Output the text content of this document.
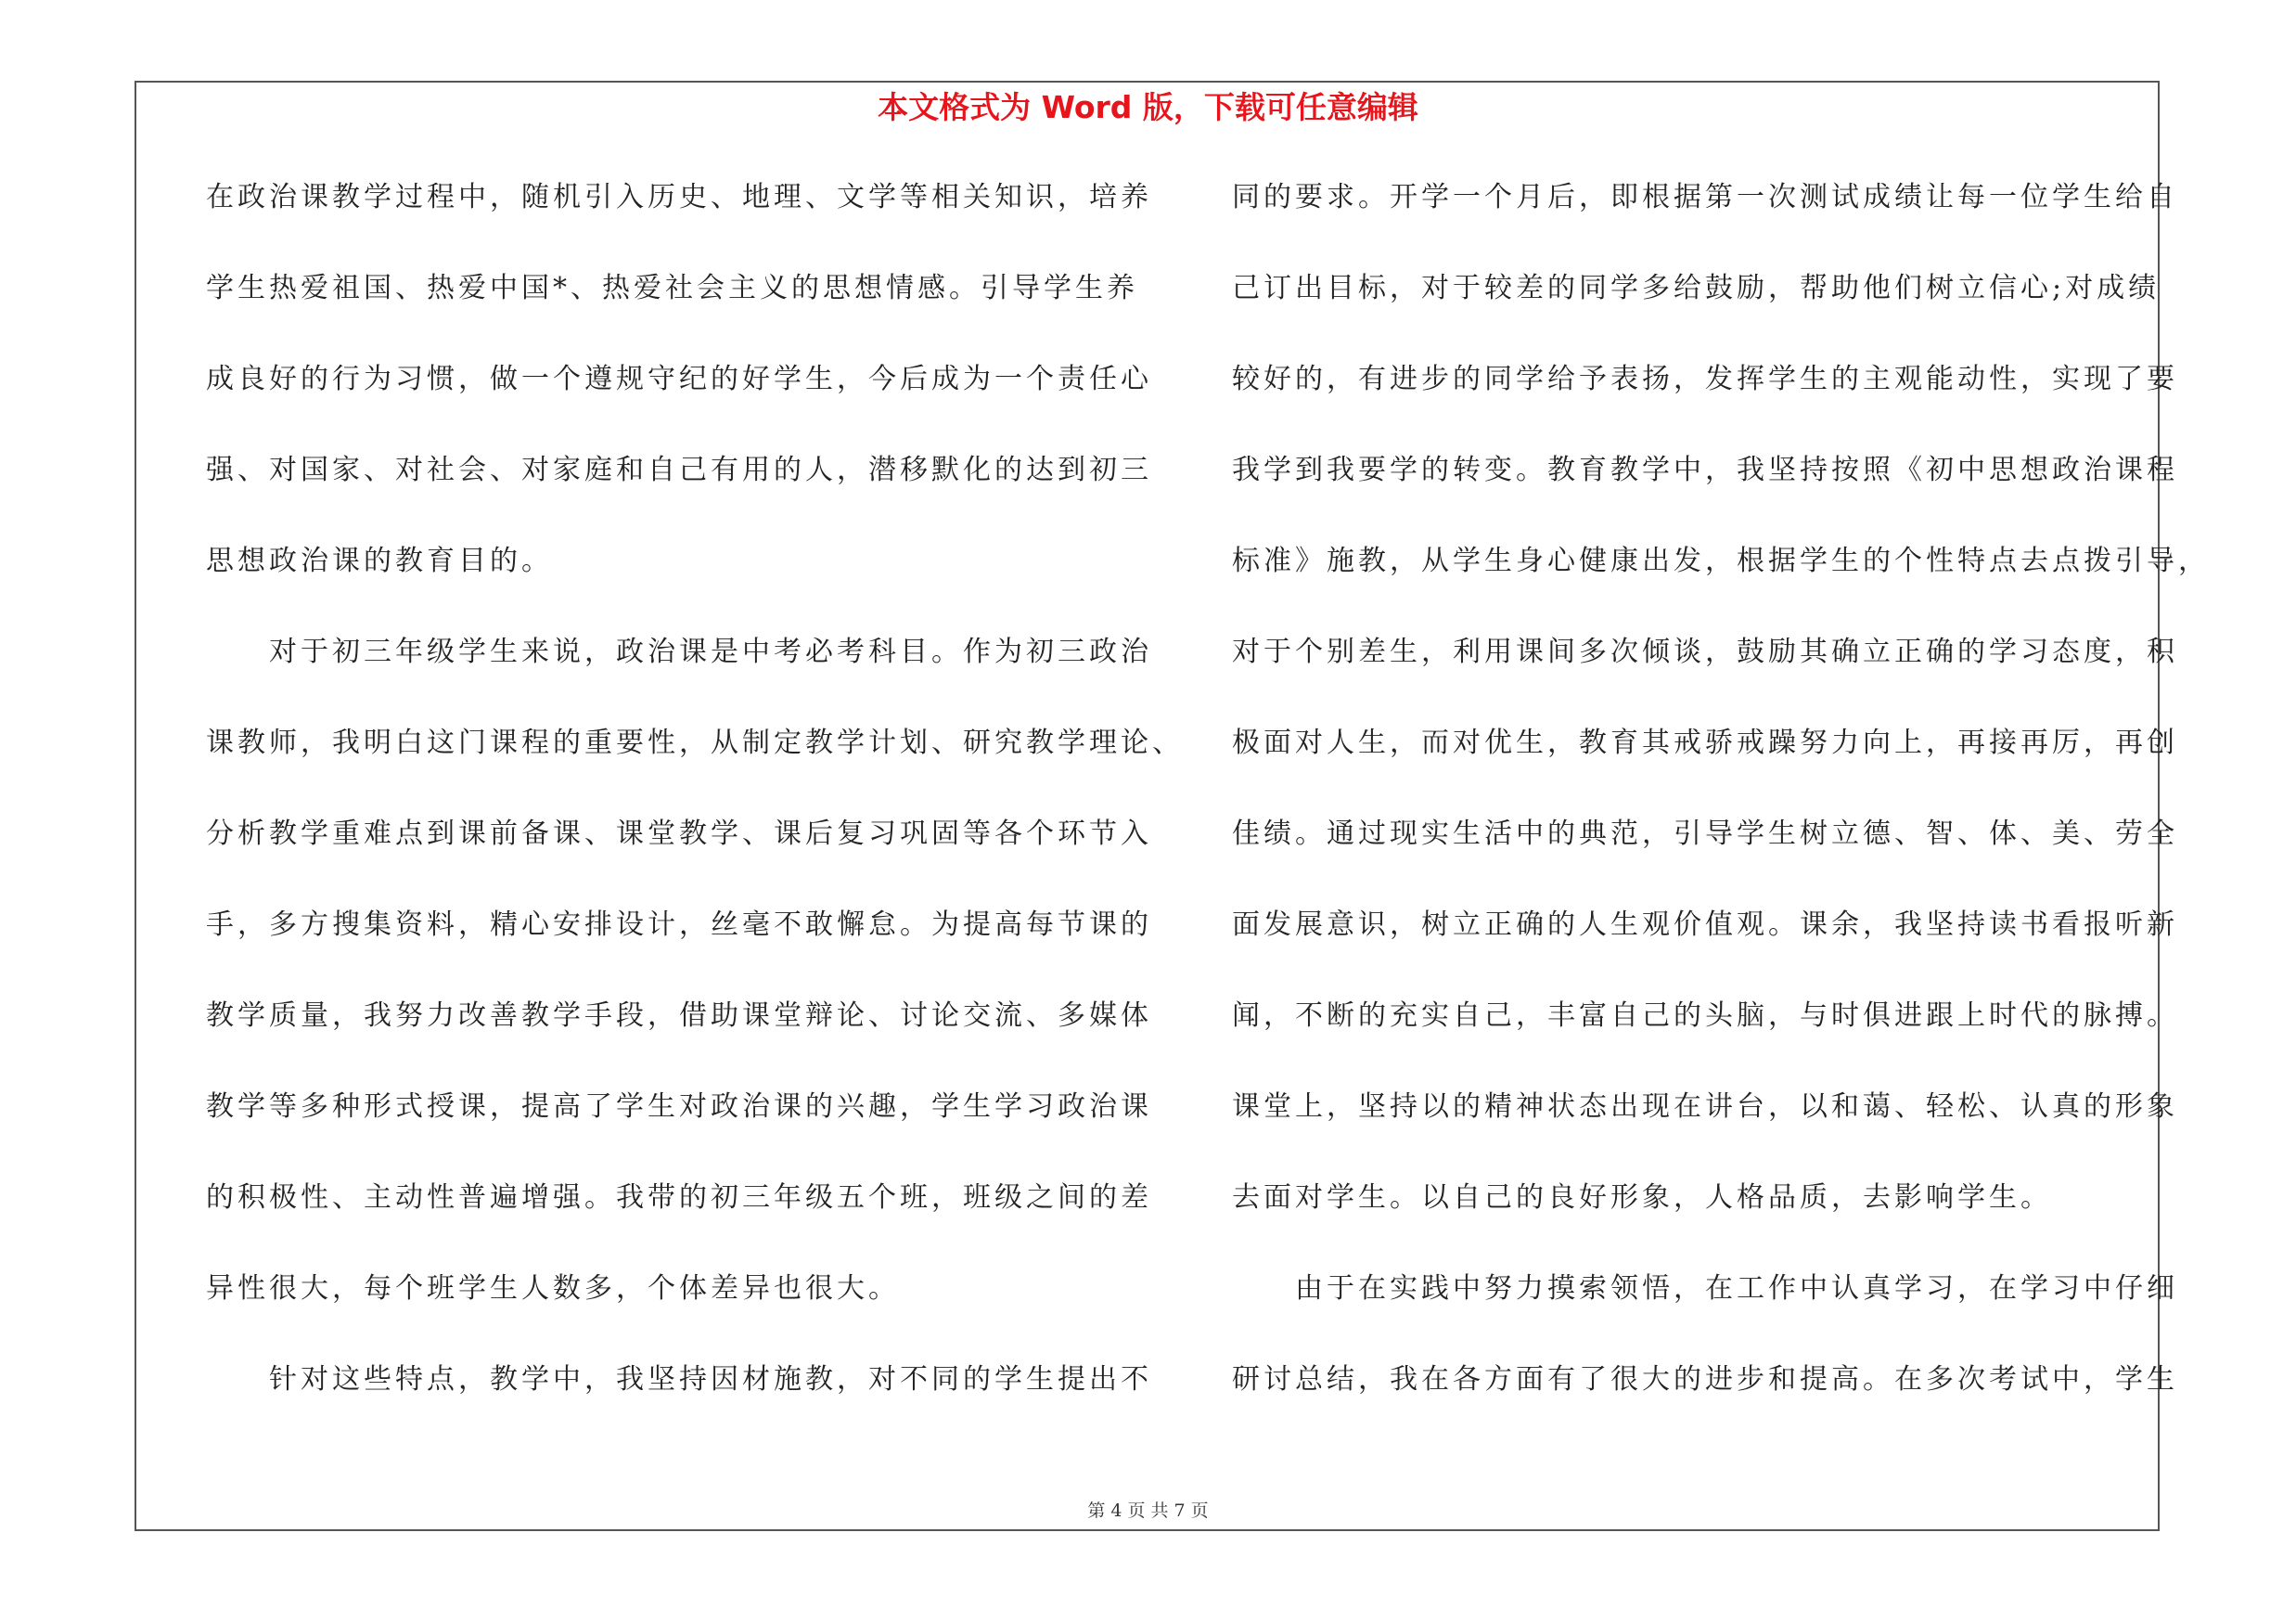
本文格式为 Word 版，下载可任意编辑

在政治课教学过程中，随机引入历史、地理、文学等相关知识，培养
学生热爱祖国、热爱中国*、热爱社会主义的思想情感。引导学生养
成良好的行为习惯，做一个遵规守纪的好学生，今后成为一个责任心
强、对国家、对社会、对家庭和自己有用的人，潜移默化的达到初三
思想政治课的教育目的。
　　对于初三年级学生来说，政治课是中考必考科目。作为初三政治
课教师，我明白这门课程的重要性，从制定教学计划、研究教学理论、
分析教学重难点到课前备课、课堂教学、课后复习巩固等各个环节入
手，多方搜集资料，精心安排设计，丝毫不敢懈怠。为提高每节课的
教学质量，我努力改善教学手段，借助课堂辩论、讨论交流、多媒体
教学等多种形式授课，提高了学生对政治课的兴趣，学生学习政治课
的积极性、主动性普遍增强。我带的初三年级五个班，班级之间的差
异性很大，每个班学生人数多，个体差异也很大。
　　针对这些特点，教学中，我坚持因材施教，对不同的学生提出不
同的要求。开学一个月后，即根据第一次测试成绩让每一位学生给自
己订出目标，对于较差的同学多给鼓励，帮助他们树立信心;对成绩
较好的，有进步的同学给予表扬，发挥学生的主观能动性，实现了要
我学到我要学的转变。教育教学中，我坚持按照《初中思想政治课程
标准》施教，从学生身心健康出发，根据学生的个性特点去点拨引导，
对于个别差生，利用课间多次倾谈，鼓励其确立正确的学习态度，积
极面对人生，而对优生，教育其戒骄戒躁努力向上，再接再厉，再创
佳绩。通过现实生活中的典范，引导学生树立德、智、体、美、劳全
面发展意识，树立正确的人生观价值观。课余，我坚持读书看报听新
闻，不断的充实自己，丰富自己的头脑，与时俱进跟上时代的脉搏。
课堂上，坚持以的精神状态出现在讲台，以和蔼、轻松、认真的形象
去面对学生。以自己的良好形象，人格品质，去影响学生。
　　由于在实践中努力摸索领悟，在工作中认真学习，在学习中仔细
研讨总结，我在各方面有了很大的进步和提高。在多次考试中，学生

第 4 页 共 7 页
